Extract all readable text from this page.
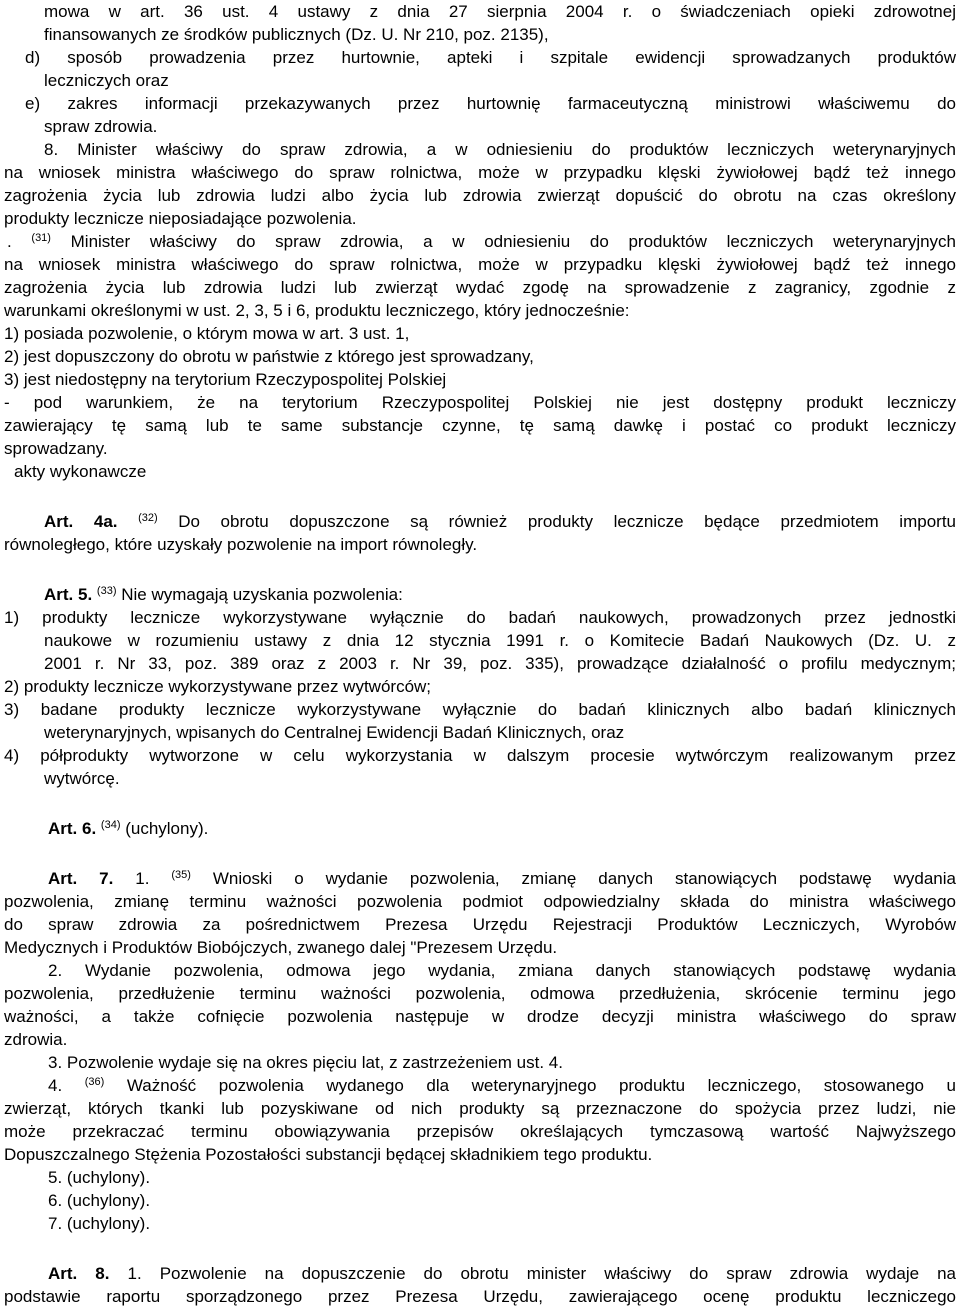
mowa w art. 36 ust. 4 ustawy z dnia 27 sierpnia 2004 r. o świadczeniach opieki zdrowotnej
finansowanych ze środków publicznych (Dz. U. Nr 210, poz. 2135),
d) sposób prowadzenia przez hurtownie, apteki i szpitale ewidencji sprowadzanych produktów
leczniczych oraz
e) zakres informacji przekazywanych przez hurtownię farmaceutyczną ministrowi właściwemu do
spraw zdrowia.
8. Minister właściwy do spraw zdrowia, a w odniesieniu do produktów leczniczych weterynaryjnych
na wniosek ministra właściwego do spraw rolnictwa, może w przypadku klęski żywiołowej bądź też innego
zagrożenia życia lub zdrowia ludzi albo życia lub zdrowia zwierząt dopuścić do obrotu na czas określony
produkty lecznicze nieposiadające pozwolenia.
. $^{(31)}$ Minister właściwy do spraw zdrowia, a w odniesieniu do produktów leczniczych weterynaryjnych
na wniosek ministra właściwego do spraw rolnictwa, może w przypadku klęski żywiołowej bądź też innego
zagrożenia życia lub zdrowia ludzi lub zwierząt wydać zgodę na sprowadzenie z zagranicy, zgodnie z
warunkami określonymi w ust. 2, 3, 5 i 6, produktu leczniczego, który jednocześnie:
1) posiada pozwolenie, o którym mowa w art. 3 ust. 1,
2) jest dopuszczony do obrotu w państwie z którego jest sprowadzany,
3) jest niedostępny na terytorium Rzeczypospolitej Polskiej
- pod warunkiem, że na terytorium Rzeczypospolitej Polskiej nie jest dostępny produkt leczniczy
zawierający tę samą lub te same substancje czynne, tę samą dawkę i postać co produkt leczniczy
sprowadzany.
akty wykonawcze
Art. 4a. $^{(32)}$ Do obrotu dopuszczone są również produkty lecznicze będące przedmiotem importu
równoległego, które uzyskały pozwolenie na import równoległy.
Art. 5. $^{(33)}$ Nie wymagają uzyskania pozwolenia:
1) produkty lecznicze wykorzystywane wyłącznie do badań naukowych, prowadzonych przez jednostki
naukowe w rozumieniu ustawy z dnia 12 stycznia 1991 r. o Komitecie Badań Naukowych (Dz. U. z
2001 r. Nr 33, poz. 389 oraz z 2003 r. Nr 39, poz. 335), prowadzące działalność o profilu medycznym;
2) produkty lecznicze wykorzystywane przez wytwórców;
3) badane produkty lecznicze wykorzystywane wyłącznie do badań klinicznych albo badań klinicznych
weterynaryjnych, wpisanych do Centralnej Ewidencji Badań Klinicznych, oraz
4) półprodukty wytworzone w celu wykorzystania w dalszym procesie wytwórczym realizowanym przez
wytwórcę.
Art. 6. $^{(34)}$ (uchylony).
Art. 7. 1. $^{(35)}$ Wnioski o wydanie pozwolenia, zmianę danych stanowiących podstawę wydania
pozwolenia, zmianę terminu ważności pozwolenia podmiot odpowiedzialny składa do ministra właściwego
do spraw zdrowia za pośrednictwem Prezesa Urzędu Rejestracji Produktów Leczniczych, Wyrobów
Medycznych i Produktów Biobójczych, zwanego dalej "Prezesem Urzędu.
2. Wydanie pozwolenia, odmowa jego wydania, zmiana danych stanowiących podstawę wydania
pozwolenia, przedłużenie terminu ważności pozwolenia, odmowa przedłużenia, skrócenie terminu jego
ważności, a także cofnięcie pozwolenia następuje w drodze decyzji ministra właściwego do spraw
zdrowia.
3. Pozwolenie wydaje się na okres pięciu lat, z zastrzeżeniem ust. 4.
4. $^{(36)}$ Ważność pozwolenia wydanego dla weterynaryjnego produktu leczniczego, stosowanego u
zwierząt, których tkanki lub pozyskiwane od nich produkty są przeznaczone do spożycia przez ludzi, nie
może przekraczać terminu obowiązywania przepisów określających tymczasową wartość Najwyższego
Dopuszczalnego Stężenia Pozostałości substancji będącej składnikiem tego produktu.
5. (uchylony).
6. (uchylony).
7. (uchylony).
Art. 8. 1. Pozwolenie na dopuszczenie do obrotu minister właściwy do spraw zdrowia wydaje na
podstawie raportu sporządzonego przez Prezesa Urzędu, zawierającego ocenę produktu leczniczego
